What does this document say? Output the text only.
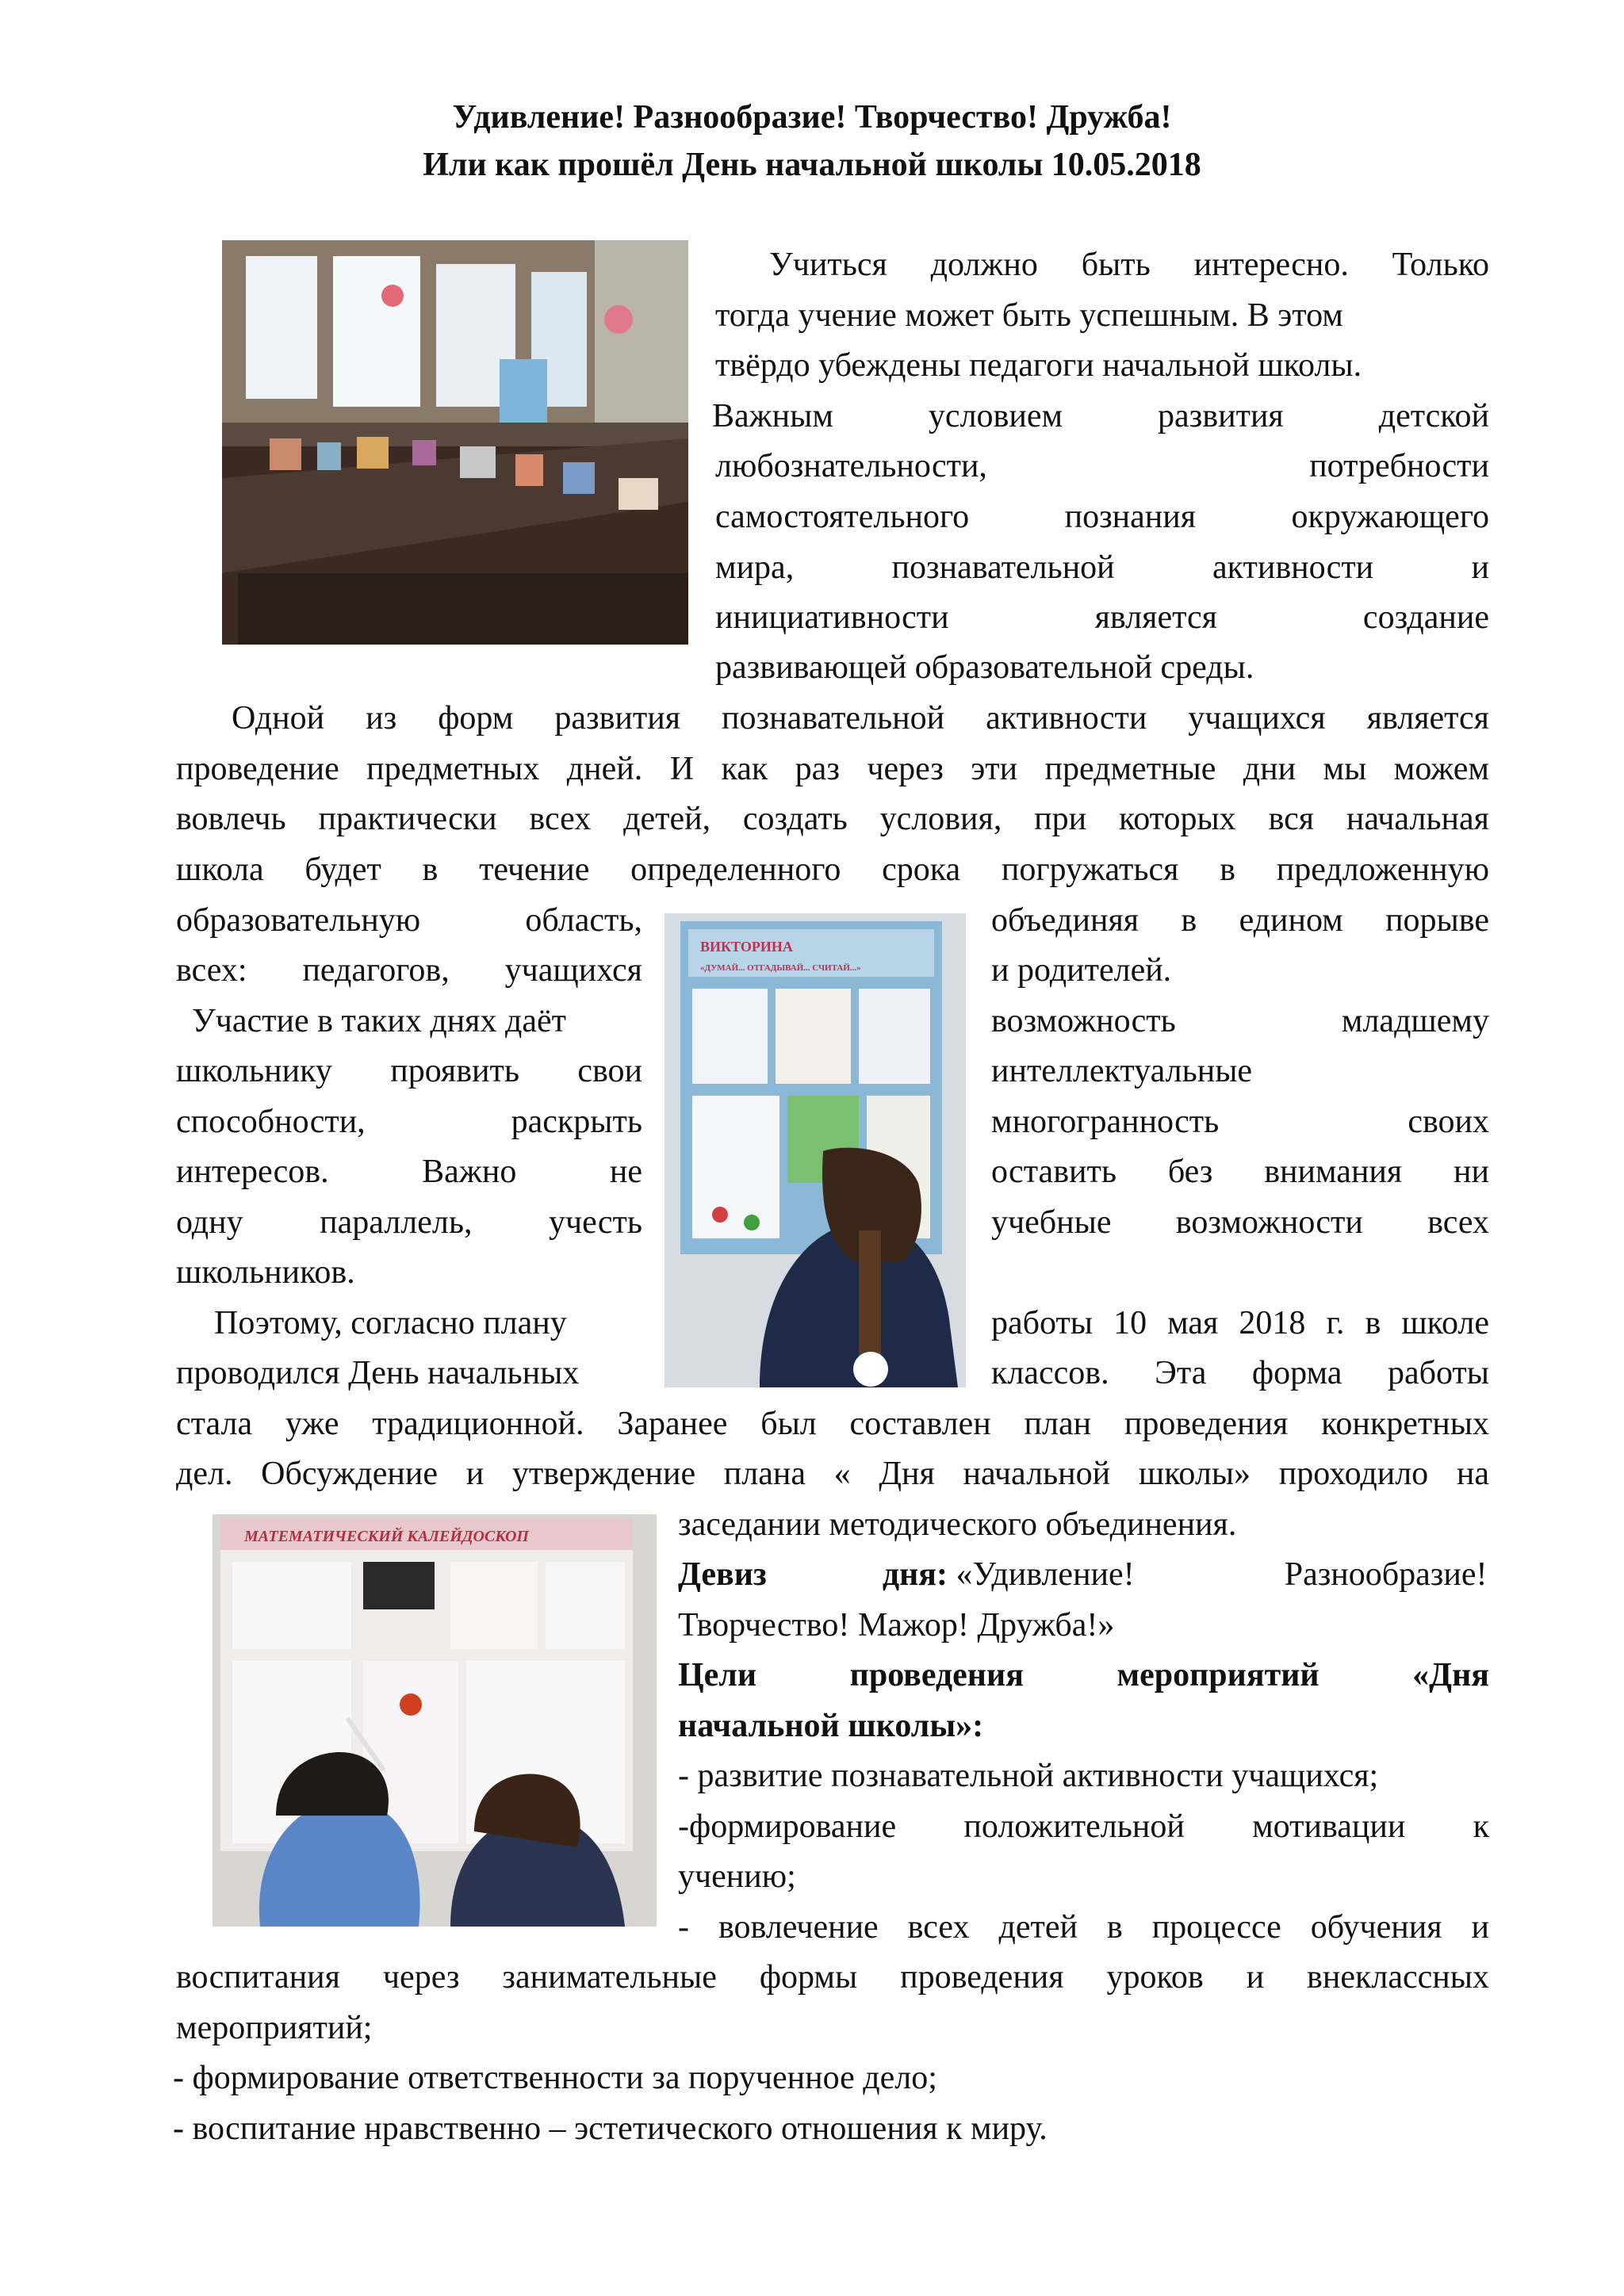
Удивление! Разнообразие! Творчество! Дружба!
Или как прошёл День начальной школы 10.05.2018
Учиться должно быть интересно. Только
тогда учение может быть успешным. В этом
твёрдо убеждены педагоги начальной школы.
Важным условием развития детской
любознательности, потребности
самостоятельного познания окружающего
мира, познавательной активности и
инициативности является создание
развивающей образовательной среды.
Одной из форм развития познавательной активности учащихся является
проведение предметных дней. И как раз через эти предметные дни мы можем
вовлечь практически всех детей, создать условия, при которых вся начальная
школа будет в течение определенного срока погружаться в предложенную
ВИКТОРИНА
«ДУМАЙ... ОТГАДЫВАЙ... СЧИТАЙ...»
образовательную область,
всех: педагогов, учащихся
Участие в таких днях даёт
школьнику проявить свои
способности, раскрыть
интересов. Важно не
одну параллель, учесть
школьников.
Поэтому, согласно плану
проводился День начальных
объединяя в едином порыве
и родителей.
возможность младшему
интеллектуальные
многогранность своих
оставить без внимания ни
учебные возможности всех
работы 10 мая 2018 г. в школе
классов. Эта форма работы
стала уже традиционной. Заранее был составлен план проведения конкретных
дел. Обсуждение и утверждение плана « Дня начальной школы» проходило на
МАТЕМАТИЧЕСКИЙ КАЛЕЙДОСКОП	заседании методического объединения.
Девиз дня: «Удивление! Разнообразие!
Творчество! Мажор! Дружба!»
Цели проведения мероприятий «Дня
начальной школы»:
- развитие познавательной активности учащихся;
-формирование положительной мотивации к
учению;
- вовлечение всех детей в процессе обучения и
воспитания через занимательные формы проведения уроков и внеклассных
мероприятий;
- формирование ответственности за порученное дело;
- воспитание нравственно – эстетического отношения к миру.
